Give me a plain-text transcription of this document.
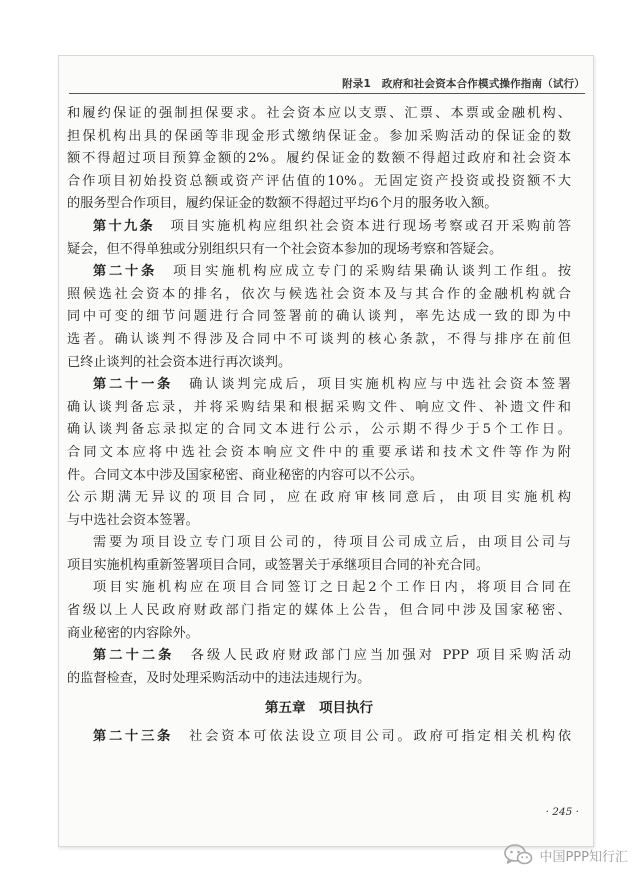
附录1　政府和社会资本合作模式操作指南（试行）
和履约保证的强制担保要求。社会资本应以支票、汇票、本票或金融机构、
担保机构出具的保函等非现金形式缴纳保证金。参加采购活动的保证金的数
额不得超过项目预算金额的2%。履约保证金的数额不得超过政府和社会资本
合作项目初始投资总额或资产评估值的10%。无固定资产投资或投资额不大
的服务型合作项目，履约保证金的数额不得超过平均6个月的服务收入额。
第十九条　 项目实施机构应组织社会资本进行现场考察或召开采购前答
疑会，但不得单独或分别组织只有一个社会资本参加的现场考察和答疑会。
第二十条　 项目实施机构应成立专门的采购结果确认谈判工作组。按
照候选社会资本的排名，依次与候选社会资本及与其合作的金融机构就合
同中可变的细节问题进行合同签署前的确认谈判，率先达成一致的即为中
选者。确认谈判不得涉及合同中不可谈判的核心条款，不得与排序在前但
已终止谈判的社会资本进行再次谈判。
第二十一条　 确认谈判完成后，项目实施机构应与中选社会资本签署
确认谈判备忘录，并将采购结果和根据采购文件、响应文件、补遗文件和
确认谈判备忘录拟定的合同文本进行公示，公示期不得少于5个工作日。
合同文本应将中选社会资本响应文件中的重要承诺和技术文件等作为附
件。合同文本中涉及国家秘密、商业秘密的内容可以不公示。
公示期满无异议的项目合同，应在政府审核同意后，由项目实施机构
与中选社会资本签署。
需要为项目设立专门项目公司的，待项目公司成立后，由项目公司与
项目实施机构重新签署项目合同，或签署关于承继项目合同的补充合同。
项目实施机构应在项目合同签订之日起2个工作日内，将项目合同在
省级以上人民政府财政部门指定的媒体上公告，但合同中涉及国家秘密、
商业秘密的内容除外。
第二十二条　 各级人民政府财政部门应当加强对 PPP 项目采购活动
的监督检查，及时处理采购活动中的违法违规行为。
第五章　项目执行
第二十三条　 社会资本可依法设立项目公司。政府可指定相关机构依
· 245 ·
中国PPP知行汇
